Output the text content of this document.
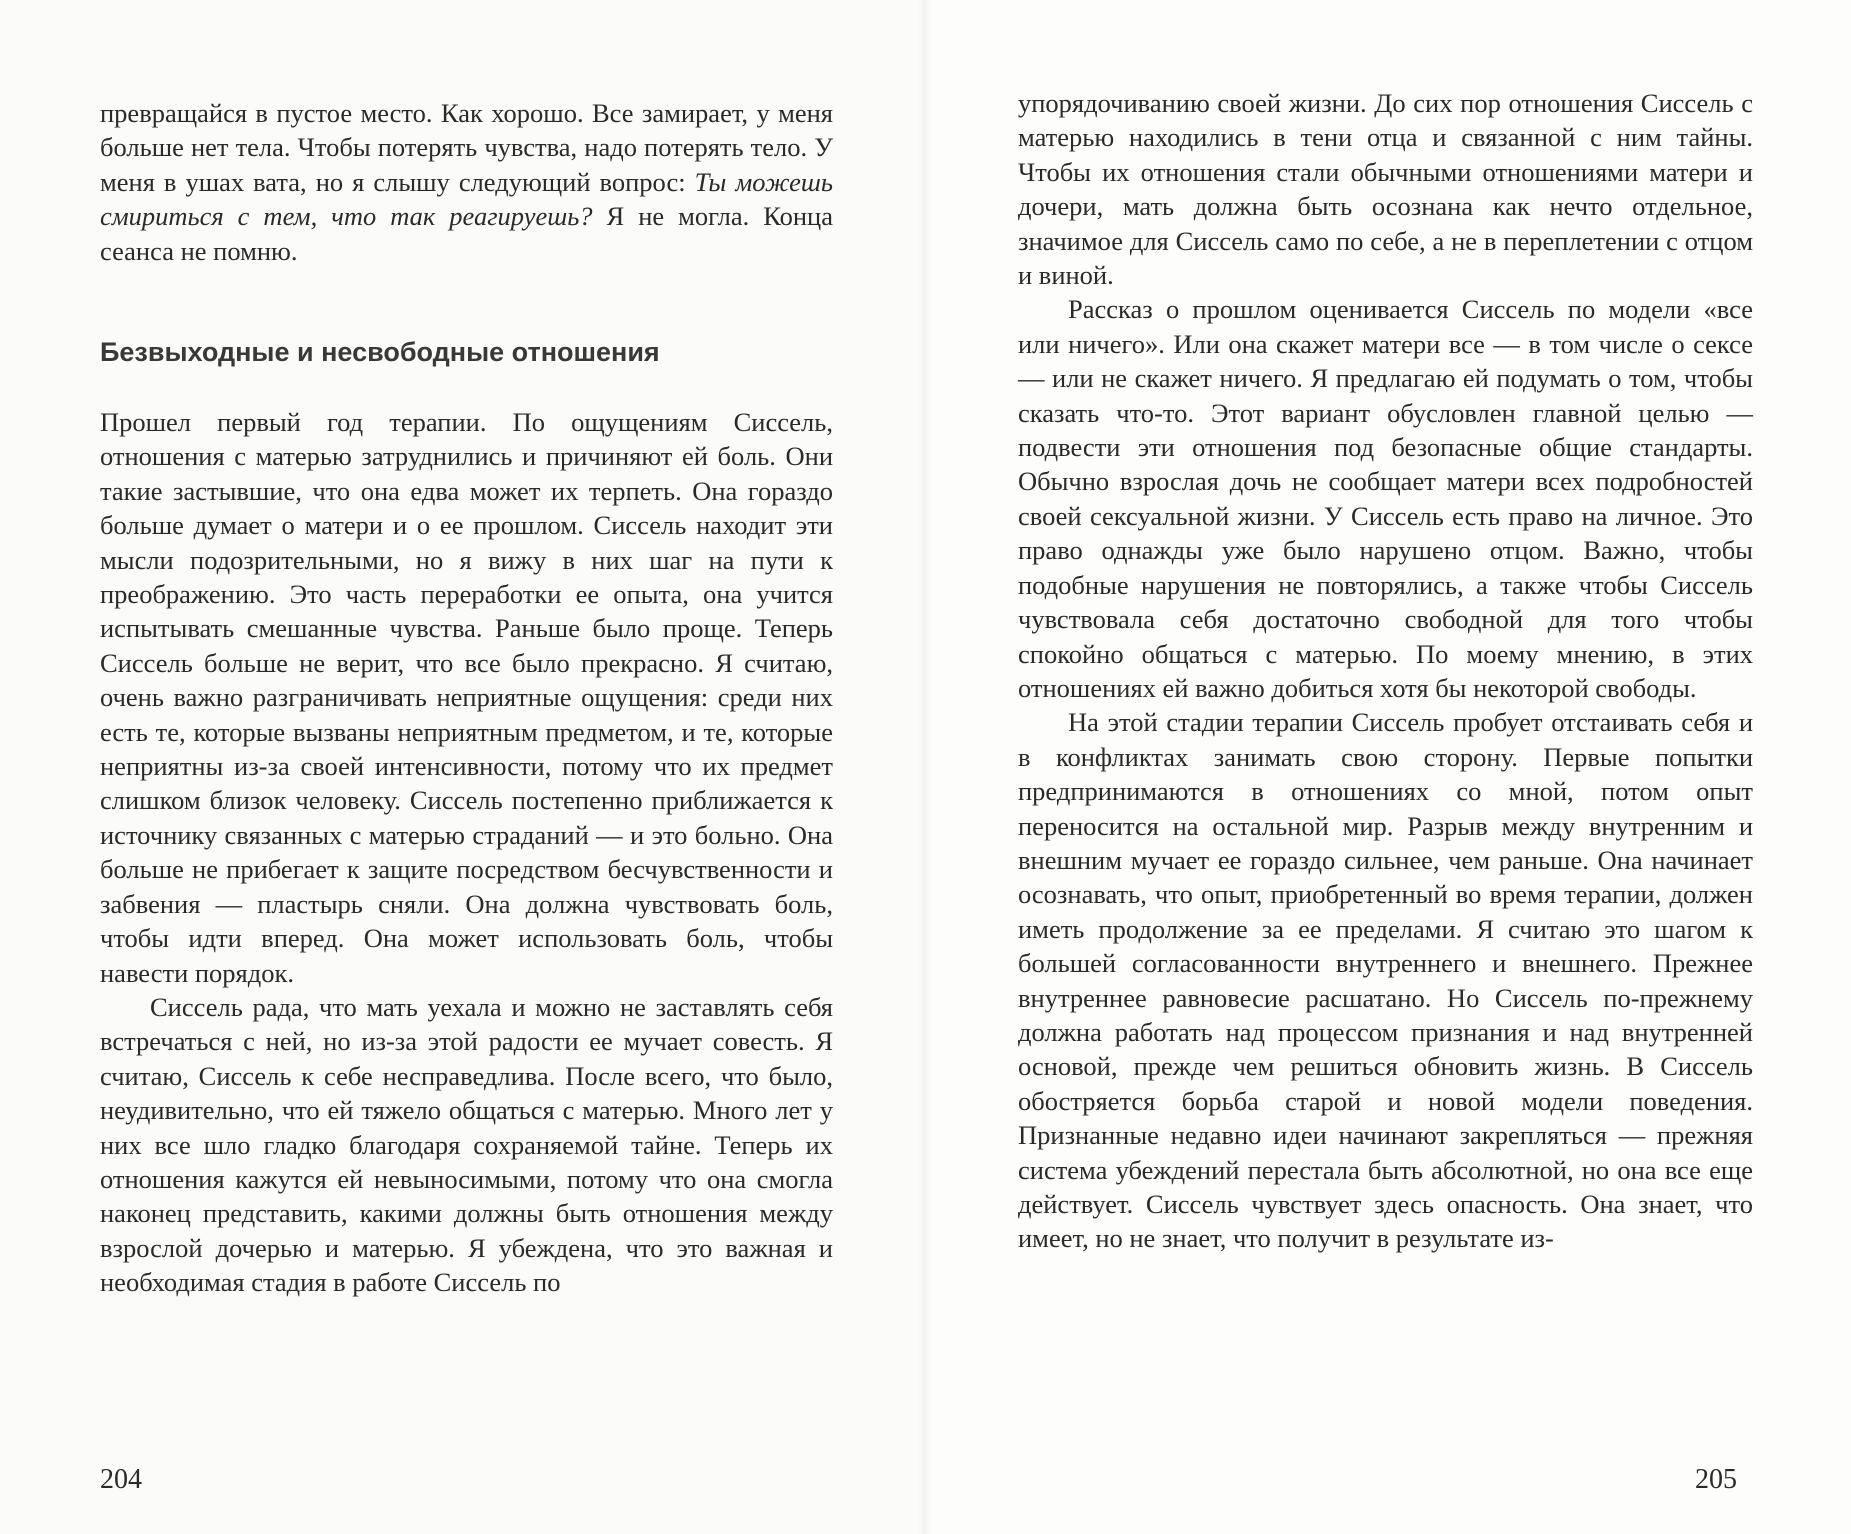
превращайся в пустое место. Как хорошо. Все замирает, у меня больше нет тела. Чтобы потерять чувства, надо потерять тело. У меня в ушах вата, но я слышу следующий вопрос: Ты можешь смириться с тем, что так реагируешь? Я не могла. Конца сеанса не помню.

Безвыходные и несвободные отношения

Прошел первый год терапии. По ощущениям Сиссель, отношения с матерью затруднились и причиняют ей боль. Они такие застывшие, что она едва может их терпеть. Она гораздо больше думает о матери и о ее прошлом. Сиссель находит эти мысли подозрительными, но я вижу в них шаг на пути к преображению. Это часть переработки ее опыта, она учится испытывать смешанные чувства. Раньше было проще. Теперь Сиссель больше не верит, что все было прекрасно. Я считаю, очень важно разграничивать неприятные ощущения: среди них есть те, которые вызваны неприятным предметом, и те, которые неприятны из-за своей интенсивности, потому что их предмет слишком близок человеку. Сиссель постепенно приближается к источнику связанных с матерью страданий — и это больно. Она больше не прибегает к защите посредством бесчувственности и забвения — пластырь сняли. Она должна чувствовать боль, чтобы идти вперед. Она может использовать боль, чтобы навести порядок.

Сиссель рада, что мать уехала и можно не заставлять себя встречаться с ней, но из-за этой радости ее мучает совесть. Я считаю, Сиссель к себе несправедлива. После всего, что было, неудивительно, что ей тяжело общаться с матерью. Много лет у них все шло гладко благодаря сохраняемой тайне. Теперь их отношения кажутся ей невыносимыми, потому что она смогла наконец представить, какими должны быть отношения между взрослой дочерью и матерью. Я убеждена, что это важная и необходимая стадия в работе Сиссель по

204

упорядочиванию своей жизни. До сих пор отношения Сиссель с матерью находились в тени отца и связанной с ним тайны. Чтобы их отношения стали обычными отношениями матери и дочери, мать должна быть осознана как нечто отдельное, значимое для Сиссель само по себе, а не в переплетении с отцом и виной.

Рассказ о прошлом оценивается Сиссель по модели «все или ничего». Или она скажет матери все — в том числе о сексе — или не скажет ничего. Я предлагаю ей подумать о том, чтобы сказать что-то. Этот вариант обусловлен главной целью — подвести эти отношения под безопасные общие стандарты. Обычно взрослая дочь не сообщает матери всех подробностей своей сексуальной жизни. У Сиссель есть право на личное. Это право однажды уже было нарушено отцом. Важно, чтобы подобные нарушения не повторялись, а также чтобы Сиссель чувствовала себя достаточно свободной для того чтобы спокойно общаться с матерью. По моему мнению, в этих отношениях ей важно добиться хотя бы некоторой свободы.

На этой стадии терапии Сиссель пробует отстаивать себя и в конфликтах занимать свою сторону. Первые попытки предпринимаются в отношениях со мной, потом опыт переносится на остальной мир. Разрыв между внутренним и внешним мучает ее гораздо сильнее, чем раньше. Она начинает осознавать, что опыт, приобретенный во время терапии, должен иметь продолжение за ее пределами. Я считаю это шагом к большей согласованности внутреннего и внешнего. Прежнее внутреннее равновесие расшатано. Но Сиссель по-прежнему должна работать над процессом признания и над внутренней основой, прежде чем решиться обновить жизнь. В Сиссель обостряется борьба старой и новой модели поведения. Признанные недавно идеи начинают закрепляться — прежняя система убеждений перестала быть абсолютной, но она все еще действует. Сиссель чувствует здесь опасность. Она знает, что имеет, но не знает, что получит в результате из-

205
